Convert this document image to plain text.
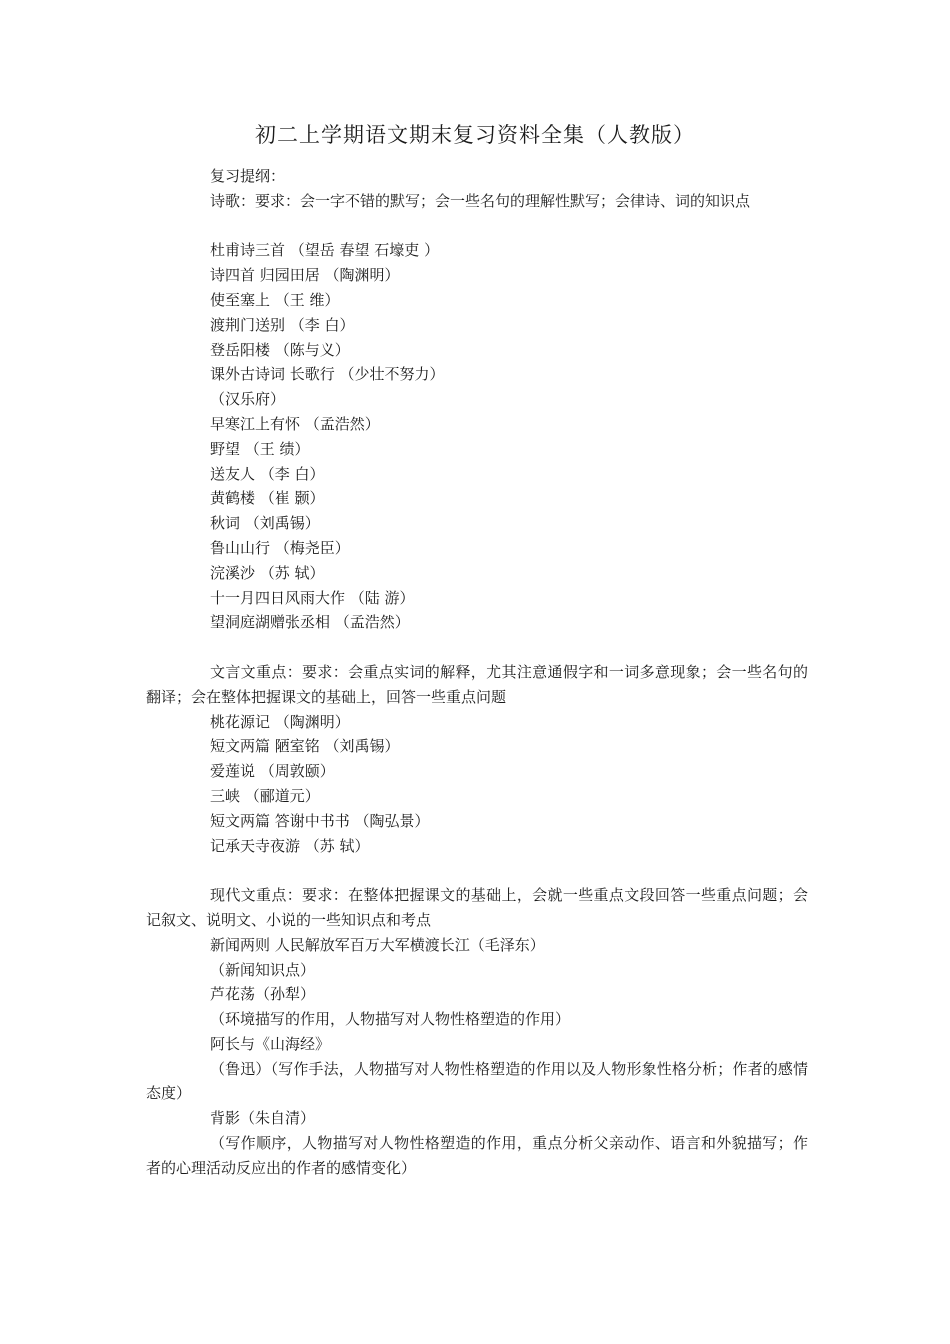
初二上学期语文期末复习资料全集（人教版）
复习提纲：
诗歌：要求：会一字不错的默写；会一些名句的理解性默写；会律诗、词的知识点
杜甫诗三首 （望岳 春望 石壕吏 ）
诗四首 归园田居 （陶渊明）
使至塞上 （王 维）
渡荆门送别 （李 白）
登岳阳楼 （陈与义）
课外古诗词 长歌行 （少壮不努力）
（汉乐府）
早寒江上有怀 （孟浩然）
野望 （王 绩）
送友人 （李 白）
黄鹤楼 （崔 颢）
秋词 （刘禹锡）
鲁山山行 （梅尧臣）
浣溪沙 （苏 轼）
十一月四日风雨大作 （陆 游）
望洞庭湖赠张丞相 （孟浩然）
文言文重点：要求：会重点实词的解释，尤其注意通假字和一词多意现象；会一些名句的翻译；会在整体把握课文的基础上，回答一些重点问题
桃花源记 （陶渊明）
短文两篇 陋室铭 （刘禹锡）
爱莲说 （周敦颐）
三峡 （郦道元）
短文两篇 答谢中书书 （陶弘景）
记承天寺夜游 （苏 轼）
现代文重点：要求：在整体把握课文的基础上，会就一些重点文段回答一些重点问题；会记叙文、说明文、小说的一些知识点和考点
新闻两则 人民解放军百万大军横渡长江（毛泽东）
（新闻知识点）
芦花荡（孙犁）
（环境描写的作用，人物描写对人物性格塑造的作用）
阿长与《山海经》
（鲁迅）（写作手法，人物描写对人物性格塑造的作用以及人物形象性格分析；作者的感情态度）
背影（朱自清）
（写作顺序，人物描写对人物性格塑造的作用，重点分析父亲动作、语言和外貌描写；作者的心理活动反应出的作者的感情变化）
